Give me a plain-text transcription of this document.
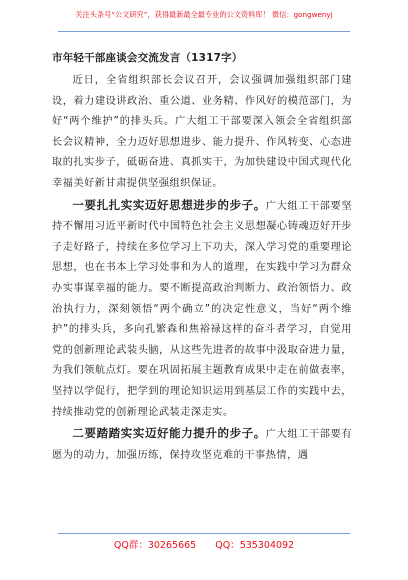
关注头条号“公文研究”，获得最新最全最专业的公文资料库！ 微信：gongwenyj

市年轻干部座谈会交流发言（1317字）

近日，全省组织部长会议召开，会议强调加强组织部门建设，着力建设讲政治、重公道、业务精、作风好的模范部门，为好“两个维护”的排头兵。广大组工干部要深入领会全省组织部长会议精神，全力迈好思想进步、能力提升、作风转变、心态进取的扎实步子，砥砺奋进、真抓实干，为加快建设中国式现代化幸福美好新甘肃提供坚强组织保证。

一要扎扎实实迈好思想进步的步子。广大组工干部要坚持不懈用习近平新时代中国特色社会主义思想凝心铸魂迈好开步子走好路子，持续在多位学习上下功夫，深入学习党的重要理论思想，也在书本上学习处事和为人的道理，在实践中学习为群众办实事谋幸福的能力。要不断提高政治判断力、政治领悟力、政治执行力，深刻领悟“两个确立”的决定性意义，当好“两个维护”的排头兵，多向孔繁森和焦裕禄这样的奋斗者学习，自觉用党的创新理论武装头脑，从这些先进者的故事中汲取奋进力量，为我们领航点灯。要在巩固拓展主题教育成果中走在前做表率，坚持以学促行，把学到的理论知识运用到基层工作的实践中去，持续推动党的创新理论武装走深走实。

二要踏踏实实迈好能力提升的步子。广大组工干部要有愿为的动力，加强历练，保持攻坚克难的干事热情，遇

QQ群：30265665 QQ：535304092
